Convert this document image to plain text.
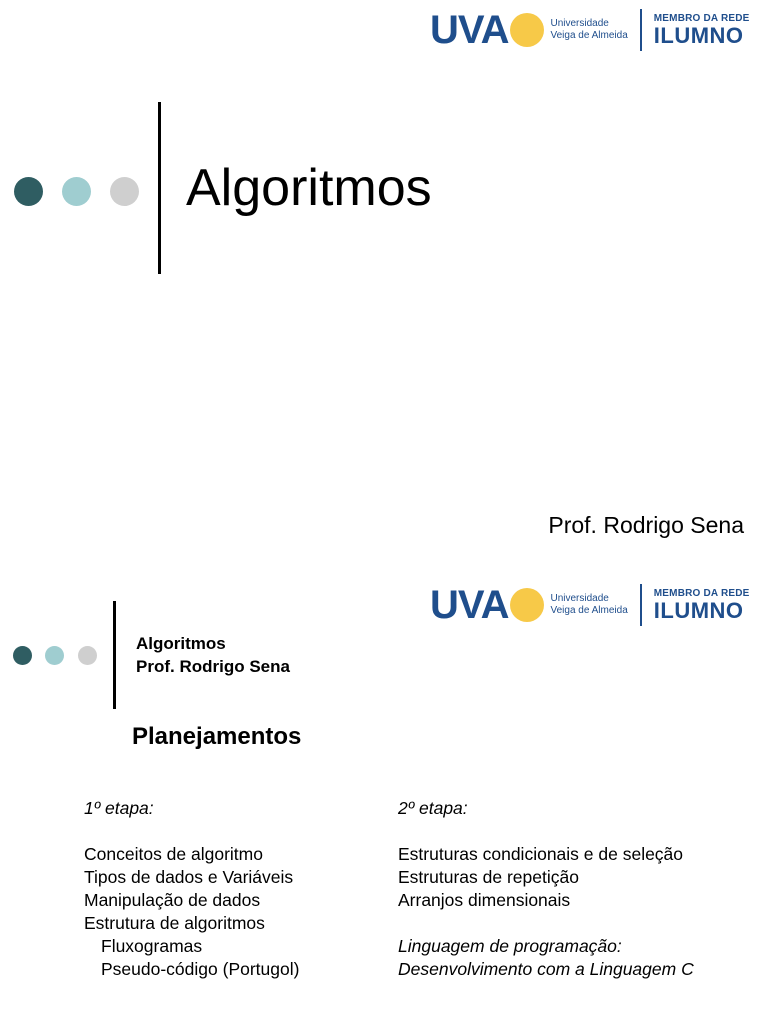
UVA	Universidade
Veiga de Almeida
MEMBRO DA REDE
ILUMNO
Algoritmos
Prof. Rodrigo Sena
UVA	Universidade
Veiga de Almeida
MEMBRO DA REDE
ILUMNO
Algoritmos
Prof. Rodrigo Sena
Planejamentos
1º etapa:
Conceitos de algoritmo
Tipos de dados e Variáveis
Manipulação de dados
Estrutura de algoritmos
Fluxogramas
Pseudo-código (Portugol)
2º etapa:
Estruturas condicionais e de seleção
Estruturas de repetição
Arranjos dimensionais
Linguagem de programação:
Desenvolvimento com a Linguagem C
